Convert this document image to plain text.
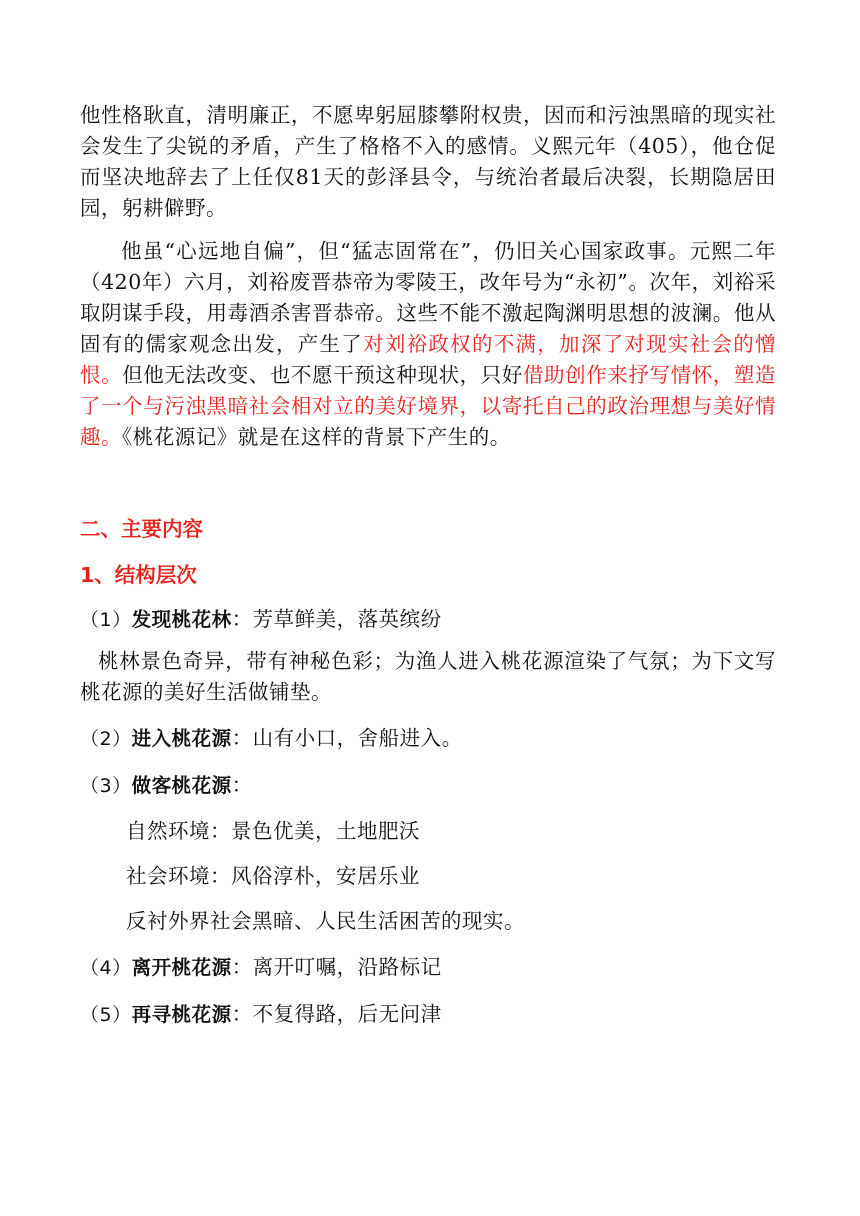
他性格耿直，清明廉正，不愿卑躬屈膝攀附权贵，因而和污浊黑暗的现实社会发生了尖锐的矛盾，产生了格格不入的感情。义熙元年（405），他仓促而坚决地辞去了上任仅81天的彭泽县令，与统治者最后决裂，长期隐居田园，躬耕僻野。

他虽“心远地自偏”，但“猛志固常在”，仍旧关心国家政事。元熙二年（420年）六月，刘裕废晋恭帝为零陵王，改年号为“永初”。次年，刘裕采取阴谋手段，用毒酒杀害晋恭帝。这些不能不激起陶渊明思想的波澜。他从固有的儒家观念出发，产生了对刘裕政权的不满，加深了对现实社会的憎恨。但他无法改变、也不愿干预这种现状，只好借助创作来抒写情怀，塑造了一个与污浊黑暗社会相对立的美好境界，以寄托自己的政治理想与美好情趣。《桃花源记》就是在这样的背景下产生的。

二、主要内容
1、结构层次

（1）发现桃花林：芳草鲜美，落英缤纷

桃林景色奇异，带有神秘色彩；为渔人进入桃花源渲染了气氛；为下文写桃花源的美好生活做铺垫。

（2）进入桃花源：山有小口，舍船进入。

（3）做客桃花源：

自然环境：景色优美，土地肥沃

社会环境：风俗淳朴，安居乐业

反衬外界社会黑暗、人民生活困苦的现实。

（4）离开桃花源：离开叮嘱，沿路标记

（5）再寻桃花源：不复得路，后无问津
